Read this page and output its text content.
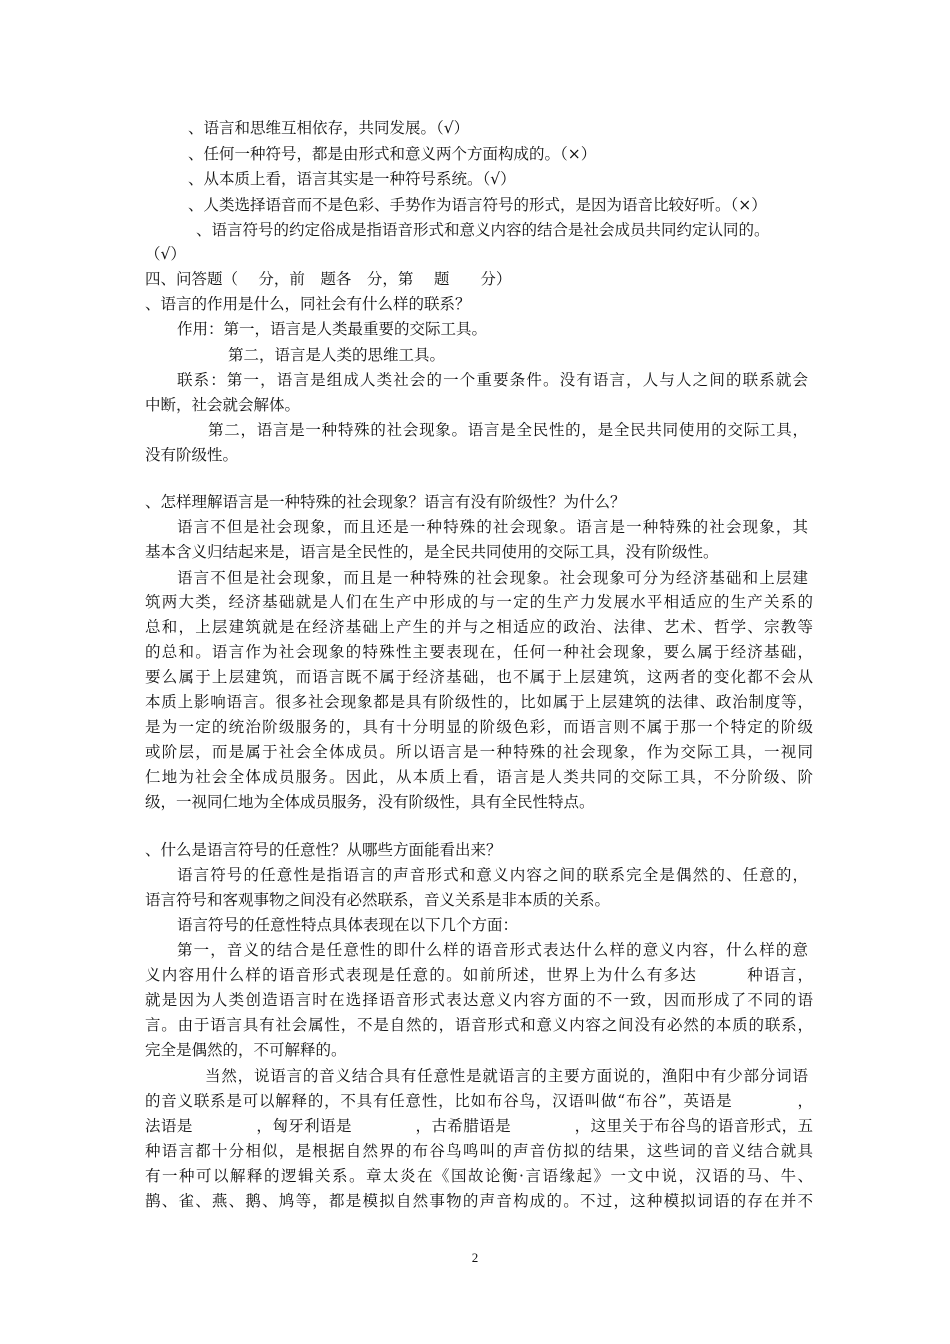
、语言和思维互相依存，共同发展。（√）
、任何一种符号，都是由形式和意义两个方面构成的。（×）
、从本质上看，语言其实是一种符号系统。（√）
、人类选择语音而不是色彩、手势作为语言符号的形式，是因为语音比较好听。（×）
、语言符号的约定俗成是指语音形式和意义内容的结合是社会成员共同约定认同的。
（√）
四、问答题（　 分，前　题各　分，第　 题　　分）
、语言的作用是什么，同社会有什么样的联系？
作用：第一，语言是人类最重要的交际工具。
第二，语言是人类的思维工具。
联系：第一，语言是组成人类社会的一个重要条件。没有语言，人与人之间的联系就会
中断，社会就会解体。
第二，语言是一种特殊的社会现象。语言是全民性的，是全民共同使用的交际工具，
没有阶级性。
、怎样理解语言是一种特殊的社会现象？语言有没有阶级性？为什么？
语言不但是社会现象，而且还是一种特殊的社会现象。语言是一种特殊的社会现象，其
基本含义归结起来是，语言是全民性的，是全民共同使用的交际工具，没有阶级性。
语言不但是社会现象，而且是一种特殊的社会现象。社会现象可分为经济基础和上层建
筑两大类，经济基础就是人们在生产中形成的与一定的生产力发展水平相适应的生产关系的
总和，上层建筑就是在经济基础上产生的并与之相适应的政治、法律、艺术、哲学、宗教等
的总和。语言作为社会现象的特殊性主要表现在，任何一种社会现象，要么属于经济基础，
要么属于上层建筑，而语言既不属于经济基础，也不属于上层建筑，这两者的变化都不会从
本质上影响语言。很多社会现象都是具有阶级性的，比如属于上层建筑的法律、政治制度等，
是为一定的统治阶级服务的，具有十分明显的阶级色彩，而语言则不属于那一个特定的阶级
或阶层，而是属于社会全体成员。所以语言是一种特殊的社会现象，作为交际工具，一视同
仁地为社会全体成员服务。因此，从本质上看，语言是人类共同的交际工具，不分阶级、阶
级，一视同仁地为全体成员服务，没有阶级性，具有全民性特点。
、什么是语言符号的任意性？从哪些方面能看出来？
语言符号的任意性是指语言的声音形式和意义内容之间的联系完全是偶然的、任意的，
语言符号和客观事物之间没有必然联系，音义关系是非本质的关系。
语言符号的任意性特点具体表现在以下几个方面：
第一，音义的结合是任意性的即什么样的语音形式表达什么样的意义内容，什么样的意
义内容用什么样的语音形式表现是任意的。如前所述，世界上为什么有多达　　　种语言，
就是因为人类创造语言时在选择语音形式表达意义内容方面的不一致，因而形成了不同的语
言。由于语言具有社会属性，不是自然的，语音形式和意义内容之间没有必然的本质的联系，
完全是偶然的，不可解释的。
当然，说语言的音义结合具有任意性是就语言的主要方面说的，渔阳中有少部分词语
的音义联系是可以解释的，不具有任意性，比如布谷鸟，汉语叫做“布谷”，英语是　　　　，
法语是　　　　，匈牙利语是　　　　，古希腊语是　　　　，这里关于布谷鸟的语音形式，五
种语言都十分相似，是根据自然界的布谷鸟鸣叫的声音仿拟的结果，这些词的音义结合就具
有一种可以解释的逻辑关系。章太炎在《国故论衡·言语缘起》一文中说，汉语的马、牛、
鹊、雀、燕、鹅、鸠等，都是模拟自然事物的声音构成的。不过，这种模拟词语的存在并不
2
